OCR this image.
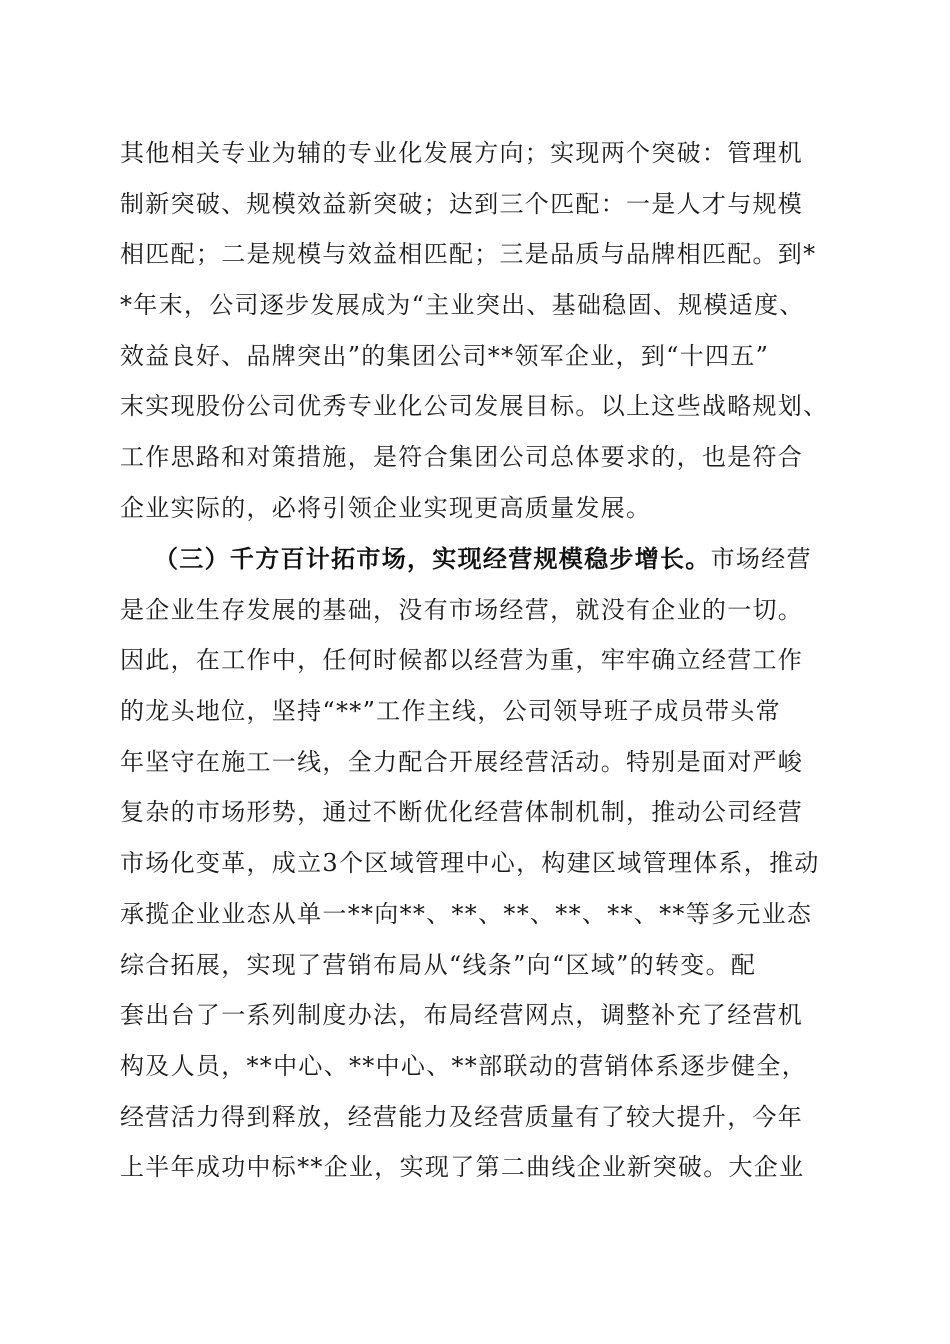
其他相关专业为辅的专业化发展方向；实现两个突破：管理机
制新突破、规模效益新突破；达到三个匹配：一是人才与规模
相匹配；二是规模与效益相匹配；三是品质与品牌相匹配。到*
*年末，公司逐步发展成为“主业突出、基础稳固、规模适度、
效益良好、品牌突出”的集团公司**领军企业，到“十四五”
末实现股份公司优秀专业化公司发展目标。以上这些战略规划、
工作思路和对策措施，是符合集团公司总体要求的，也是符合
企业实际的，必将引领企业实现更高质量发展。
（三）千方百计拓市场，实现经营规模稳步增长。市场经营
是企业生存发展的基础，没有市场经营，就没有企业的一切。
因此，在工作中，任何时候都以经营为重，牢牢确立经营工作
的龙头地位，坚持“**”工作主线，公司领导班子成员带头常
年坚守在施工一线，全力配合开展经营活动。特别是面对严峻
复杂的市场形势，通过不断优化经营体制机制，推动公司经营
市场化变革，成立3个区域管理中心，构建区域管理体系，推动
承揽企业业态从单一**向**、**、**、**、**、**等多元业态
综合拓展，实现了营销布局从“线条”向“区域”的转变。配
套出台了一系列制度办法，布局经营网点，调整补充了经营机
构及人员，**中心、**中心、**部联动的营销体系逐步健全，
经营活力得到释放，经营能力及经营质量有了较大提升，今年
上半年成功中标**企业，实现了第二曲线企业新突破。大企业
